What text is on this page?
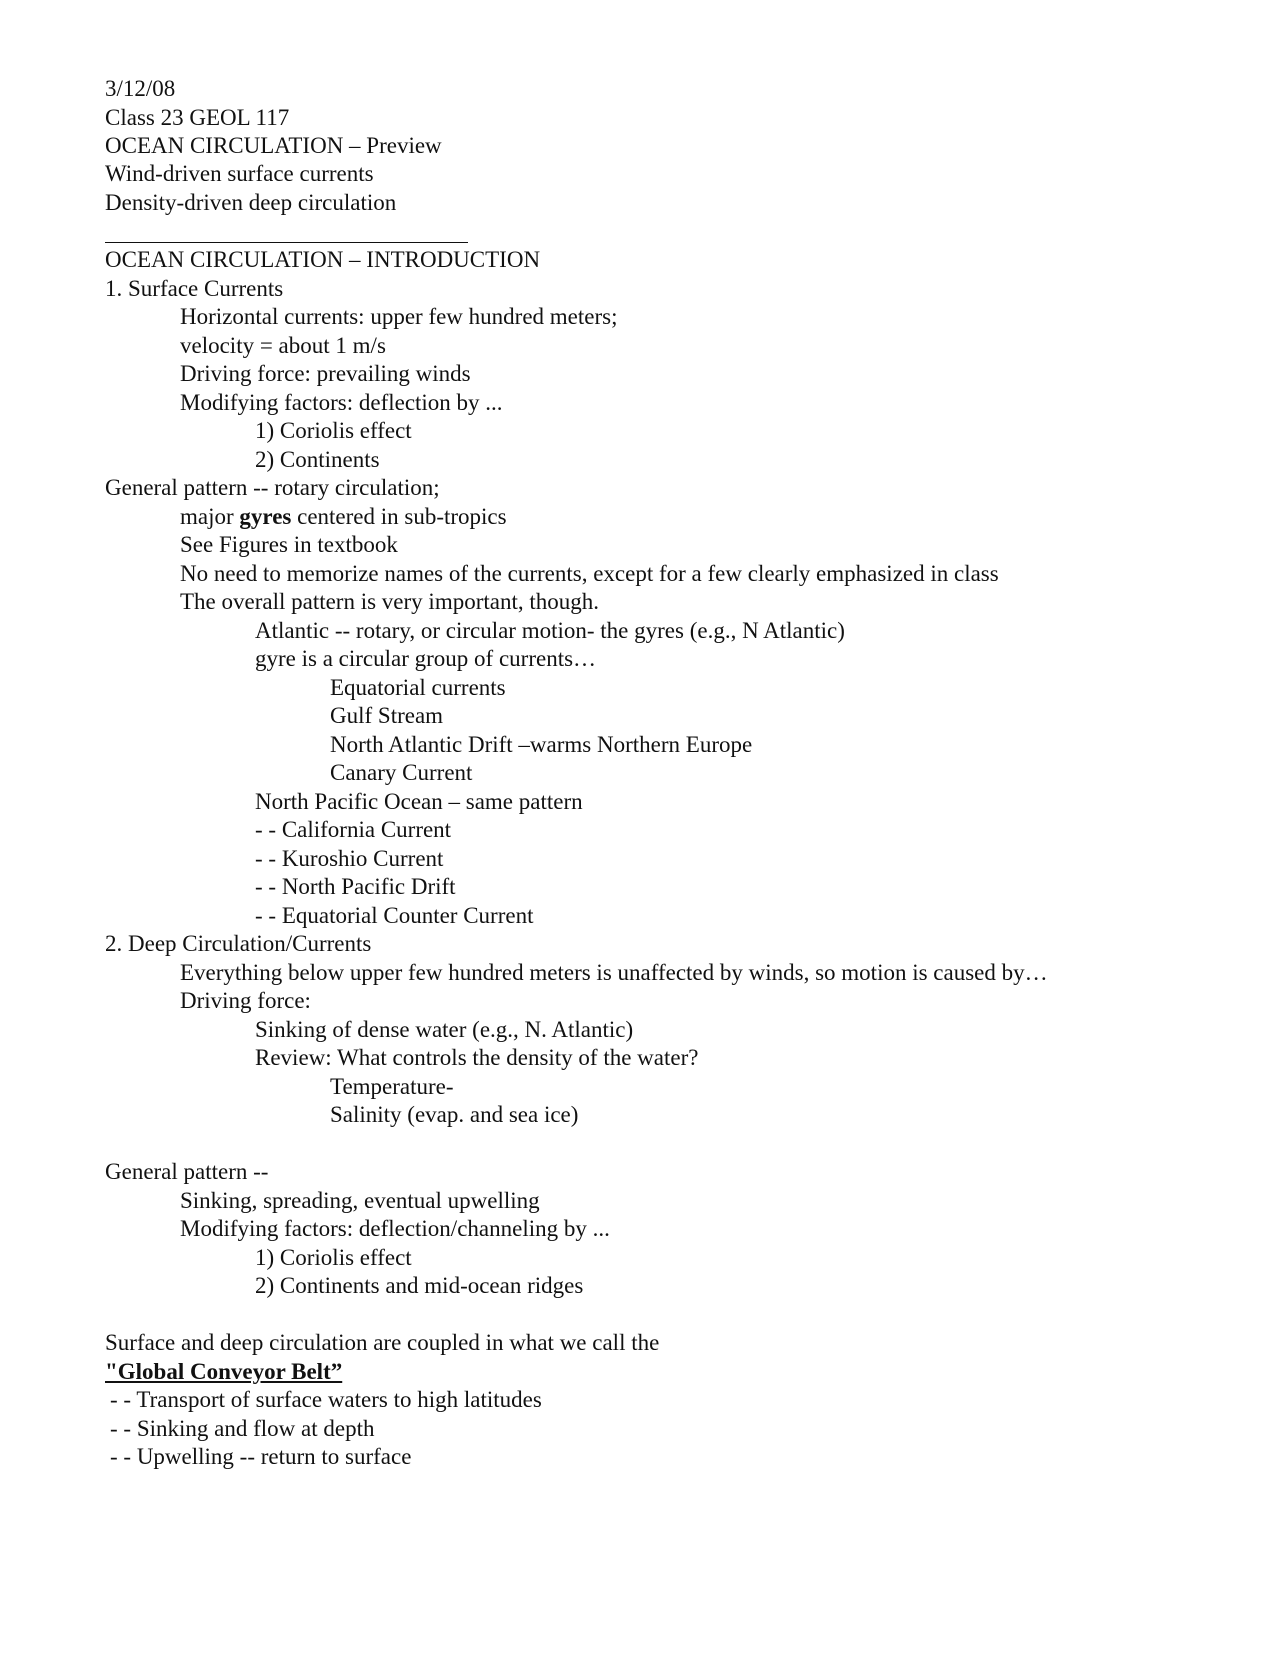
3/12/08
Class 23 GEOL 117
OCEAN CIRCULATION – Preview
Wind-driven surface currents
Density-driven deep circulation
OCEAN CIRCULATION – INTRODUCTION
1. Surface Currents
Horizontal currents: upper few hundred meters;
velocity = about 1 m/s
Driving force: prevailing winds
Modifying factors: deflection by ...
1) Coriolis effect
2) Continents
General pattern -- rotary circulation;
major gyres centered in sub-tropics
See Figures in textbook
No need to memorize names of the currents, except for a few clearly emphasized in class
The overall pattern is very important, though.
Atlantic -- rotary, or circular motion- the gyres (e.g., N Atlantic)
gyre is a circular group of currents…
Equatorial currents
Gulf Stream
North Atlantic Drift –warms Northern Europe
Canary Current
North Pacific Ocean – same pattern
- - California Current
- - Kuroshio Current
- - North Pacific Drift
- - Equatorial Counter Current
2. Deep Circulation/Currents
Everything below upper few hundred meters is unaffected by winds, so motion is caused by…
Driving force:
Sinking of dense water (e.g., N. Atlantic)
Review: What controls the density of the water?
Temperature-
Salinity (evap. and sea ice)
General pattern --
Sinking, spreading, eventual upwelling
Modifying factors: deflection/channeling by ...
1) Coriolis effect
2) Continents and mid-ocean ridges
Surface and deep circulation are coupled in what we call the
"Global Conveyor Belt”
- - Transport of surface waters to high latitudes
- - Sinking and flow at depth
- - Upwelling -- return to surface
